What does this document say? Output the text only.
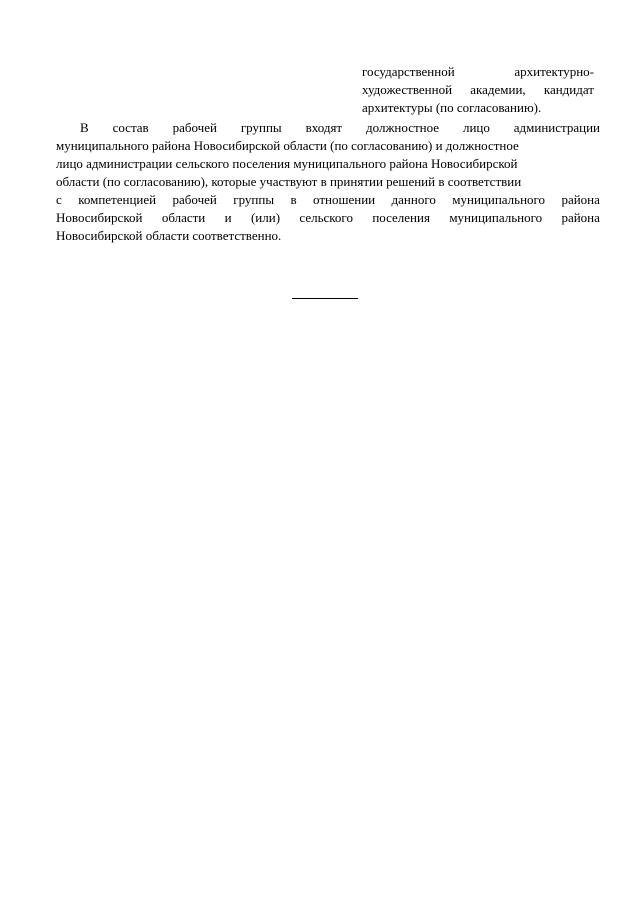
государственной	архитектурно-
художественной академии, кандидат
архитектуры (по согласованию).
В состав рабочей группы входят должностное лицо администрации
муниципального района Новосибирской области (по согласованию) и должностное
лицо администрации сельского поселения муниципального района Новосибирской
области (по согласованию), которые участвуют в принятии решений в соответствии
с компетенцией рабочей группы в отношении данного муниципального района
Новосибирской области и (или) сельского поселения муниципального района
Новосибирской области соответственно.
